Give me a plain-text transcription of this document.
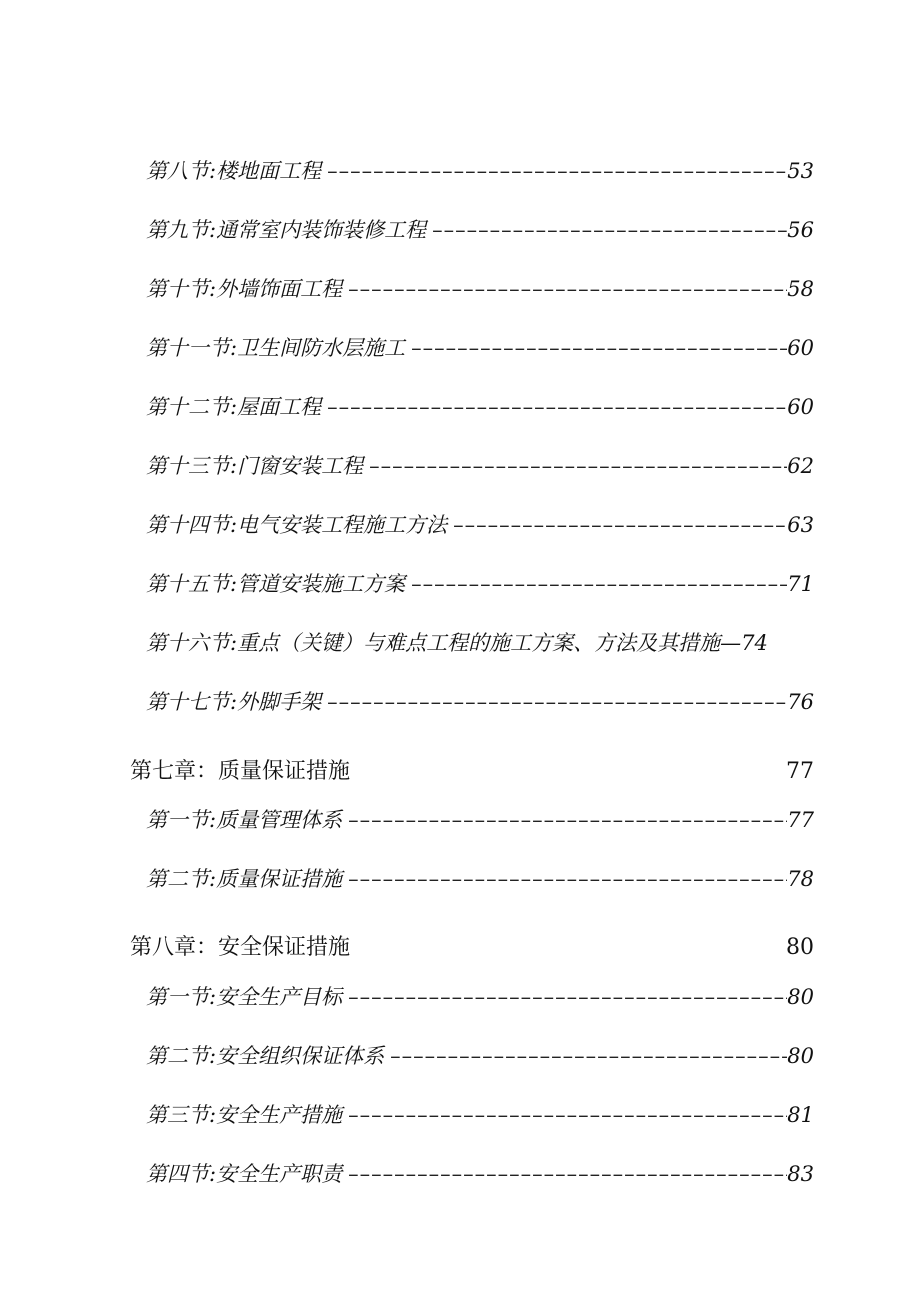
第八节:楼地面工程 –––––	53
第九节:通常室内装饰装修工程 –––––	56
第十节:外墙饰面工程 –––––	58
第十一节:卫生间防水层施工 –––––	60
第十二节:屋面工程 –––––	60
第十三节:门窗安装工程 –––––	62
第十四节:电气安装工程施工方法 –––––	63
第十五节:管道安装施工方案 –––––	71
第十六节:重点（关键）与难点工程的施工方案、方法及其措施 — 74
第十七节:外脚手架 –––––	76
第七章：质量保证措施	77
第一节:质量管理体系 –––––	77
第二节:质量保证措施 –––––	78
第八章：安全保证措施	80
第一节:安全生产目标 –––––	80
第二节:安全组织保证体系 –––––	80
第三节:安全生产措施 –––––	81
第四节:安全生产职责 –––––	83
